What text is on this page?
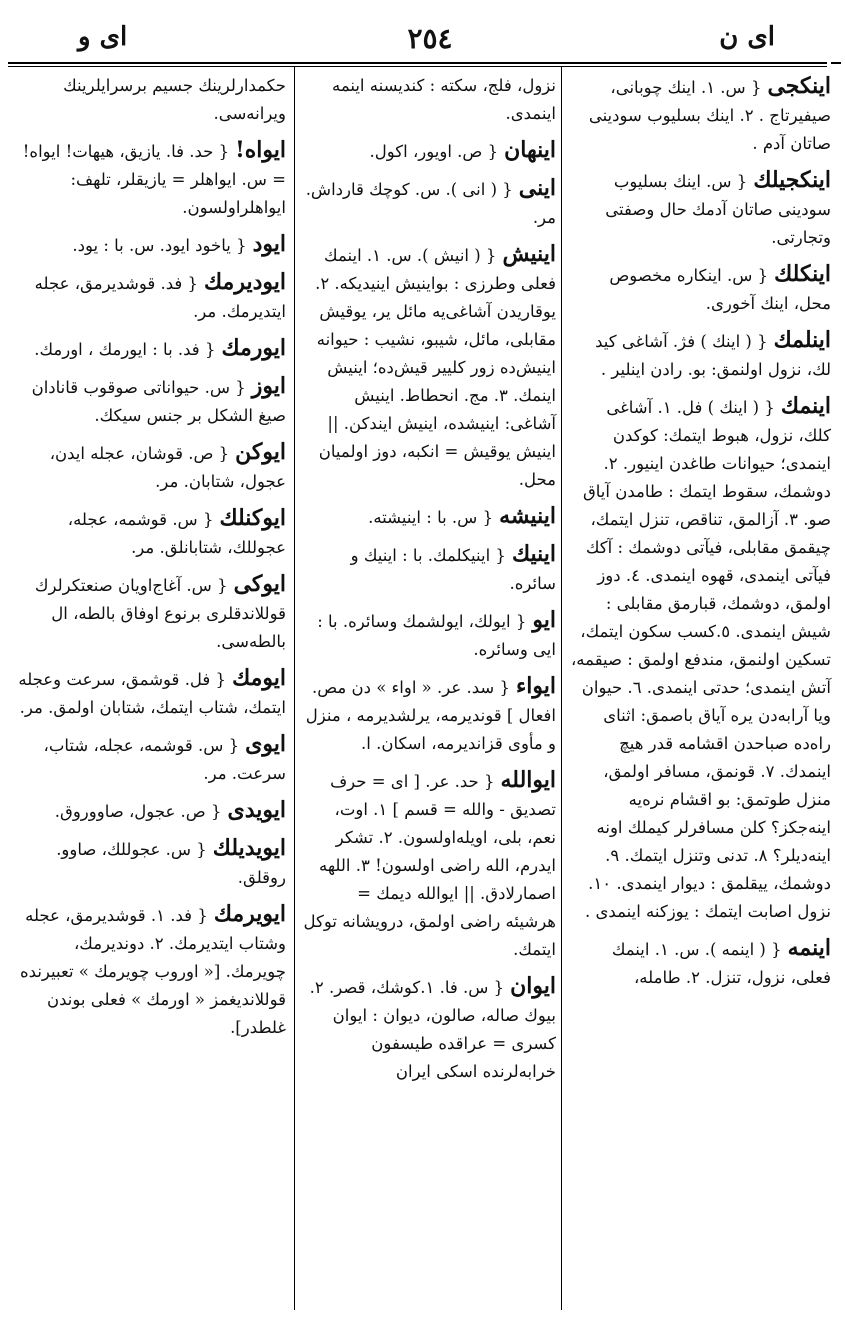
ای ن
٢٥٤
ای و
اینکجی{ س. ١. اینك چوبانی، صیفیرتاج . ٢. اینك بسلیوب سودینی صاتان آدم .
اینکجیلك{ س. اینك بسلیوب سودینی صاتان آدمك حال وصفتی وتجارتی.
اینکلك{ س. اینکاره مخصوص محل، اینك آخوری.
اینلمك{ ( اینك ) ﻓﮋ. آشاغی کید لك، نزول اولنمق: بو. رادن اینلیر .
اینمك{ ( اینك ) فل. ١. آشاغی کلك، نزول، هبوط ایتمك: کوکدن اینمدی؛ حیوانات طاغدن اینیور. ٢. دوشمك، سقوط ایتمك : طامدن آیاق صو. ٣. آزالمق، تناقص، تنزل ایتمك، چیقمق مقابلی، فیآتی دوشمك : آکك فیآتی اینمدی، قهوه اینمدی. ٤. دوز اولمق، دوشمك، قبارمق مقابلی : شیش اینمدی. ٥.کسب سکون ایتمك، تسکین اولنمق، مندفع اولمق : صیقمه، آتش اینمدی؛ حدتی اینمدی. ٦. حیوان ویا آرابه‌دن یره آیاق باصمق: اثنای راه‌ده صباحدن اقشامه قدر هیچ اینمدك. ٧. قونمق، مسافر اولمق، منزل طوتمق: بو اقشام نره‌یه اینه‌جکز؟ کلن مسافرلر کیملك اونه اینه‌دیلر؟ ٨. تدنی وتنزل ایتمك. ٩. دوشمك، ییقلمق : دیوار اینمدی. ١٠. نزول اصابت ایتمك : یوزکنه اینمدی .
اینمه{ ( اینمه ). س. ١. اینمك فعلی، نزول، تنزل. ٢. طامله،
نزول، فلج، سکته : کندیسنه اینمه اینمدی.
اینهان{ ص. اویور، اکول.
اینی{ ( انی ). س. کوچك قارداش. مر.
اینیش{ ( انیش ). س. ١. اینمك فعلی وطرزی : بواینیش اینیدیکه. ٢. یوقاریدن آشاغی‌یه مائل یر، یوقیش مقابلی، مائل، شیبو، نشیب : حیوانه اینیش‌ده زور کلییر قیش‌ده؛ اینیش اینمك. ٣. مج. انحطاط. اینیش آشاغی: اینیشده، اینیش ایندکن. || اینیش یوقیش = انکبه، دوز اولمیان محل.
اینیشه{ س. با : اینیشته.
اینیك{ اینیکلمك. با : اینیك و سائره.
ایو{ ایولك، ایولشمك وسائره. با : ایی وسائره.
ایواء{ سد. عر. « اواء » دن مص. افعال ] قوندیرمه، یرلشدیرمه ، منزل و مأوی قزاندیرمه، اسکان. ا.
ایوالله{ حد. عر. [ ای = حرف تصدیق - والله = قسم ] ١. اوت، نعم، بلی، اویله‌اولسون. ٢. تشکر ایدرم، الله راضی اولسون! ٣. اللهه اصمارلادق. || ایوالله دیمك = هرشیئه راضی اولمق، درویشانه توکل ایتمك.
ایوان{ س. فا. ١.کوشك، قصر. ٢. بیوك صاله، صالون، دیوان : ایوان کسری = عراقده طیسفون خرابه‌لرنده اسکی ایران
حکمدارلرینك جسیم برسرایلرینك ویرانه‌سی.
ایواه!{ حد. فا. یازیق، هیهات! ایواه! = س. ایواهلر = یازیقلر، تلهف: ایواهلراولسون.
ایود{ یاخود ایود. س. با : یود.
ایودیرمك{ فد. قوشدیرمق، عجله ایتدیرمك. مر.
ایورمك{ فد. با : ایورمك ، اورمك.
ایوز{ س. حیواناتی صوقوب قانادان صیغ الشکل بر جنس سیکك.
ایوکن{ ص. قوشان، عجله ایدن، عجول، شتابان. مر.
ایوکنلك{ س. قوشمه، عجله، عجوللك، شتابانلق. مر.
ایوکی{ س. آغاج‌اویان صنعتکرلرك قوللاندقلری برنوع اوفاق بالطه، ال بالطه‌سی.
ایومك{ فل. قوشمق، سرعت وعجله ایتمك، شتاب ایتمك، شتابان اولمق. مر.
ایوی{ س. قوشمه، عجله، شتاب، سرعت. مر.
ایویدی{ ص. عجول، صاووروق.
ایویدیلك{ س. عجوللك، صاوو. روقلق.
ایویرمك{ فد. ١. قوشدیرمق، عجله وشتاب ایتدیرمك. ٢. دوندیرمك، چویرمك. [« اوروب چویرمك » تعبیرنده قوللاندیغمز « اورمك » فعلی بوندن غلطدر].
